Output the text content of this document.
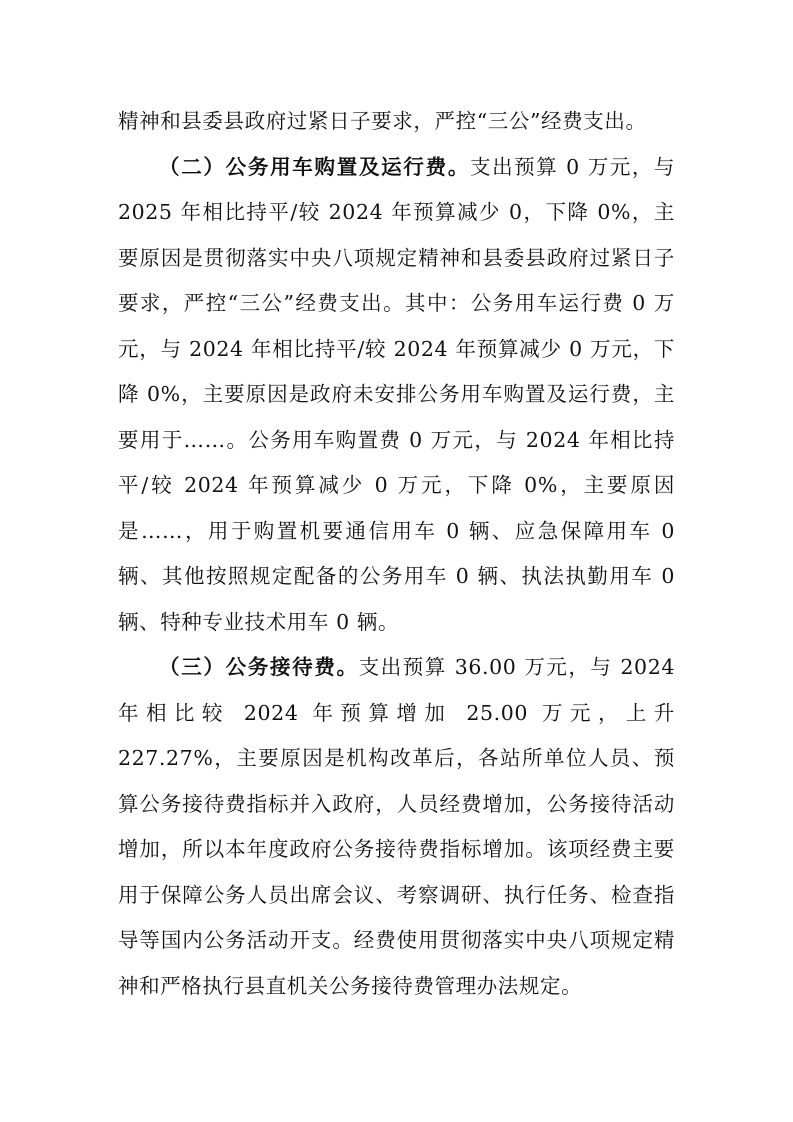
精神和县委县政府过紧日子要求，严控“三公”经费支出。

（二）公务用车购置及运行费。支出预算 0 万元，与 2025 年相比持平/较 2024 年预算减少 0，下降 0%，主要原因是贯彻落实中央八项规定精神和县委县政府过紧日子要求，严控“三公”经费支出。其中：公务用车运行费 0 万元，与 2024 年相比持平/较 2024 年预算减少 0 万元，下降 0%，主要原因是政府未安排公务用车购置及运行费，主要用于……。公务用车购置费 0 万元，与 2024 年相比持平/较 2024 年预算减少 0 万元，下降 0%，主要原因是……，用于购置机要通信用车 0 辆、应急保障用车 0 辆、其他按照规定配备的公务用车 0 辆、执法执勤用车 0 辆、特种专业技术用车 0 辆。

（三）公务接待费。支出预算 36.00 万元，与 2024 年相比较 2024 年预算增加 25.00 万元，上升 227.27%，主要原因是机构改革后，各站所单位人员、预算公务接待费指标并入政府，人员经费增加，公务接待活动增加，所以本年度政府公务接待费指标增加。该项经费主要用于保障公务人员出席会议、考察调研、执行任务、检查指导等国内公务活动开支。经费使用贯彻落实中央八项规定精神和严格执行县直机关公务接待费管理办法规定。
